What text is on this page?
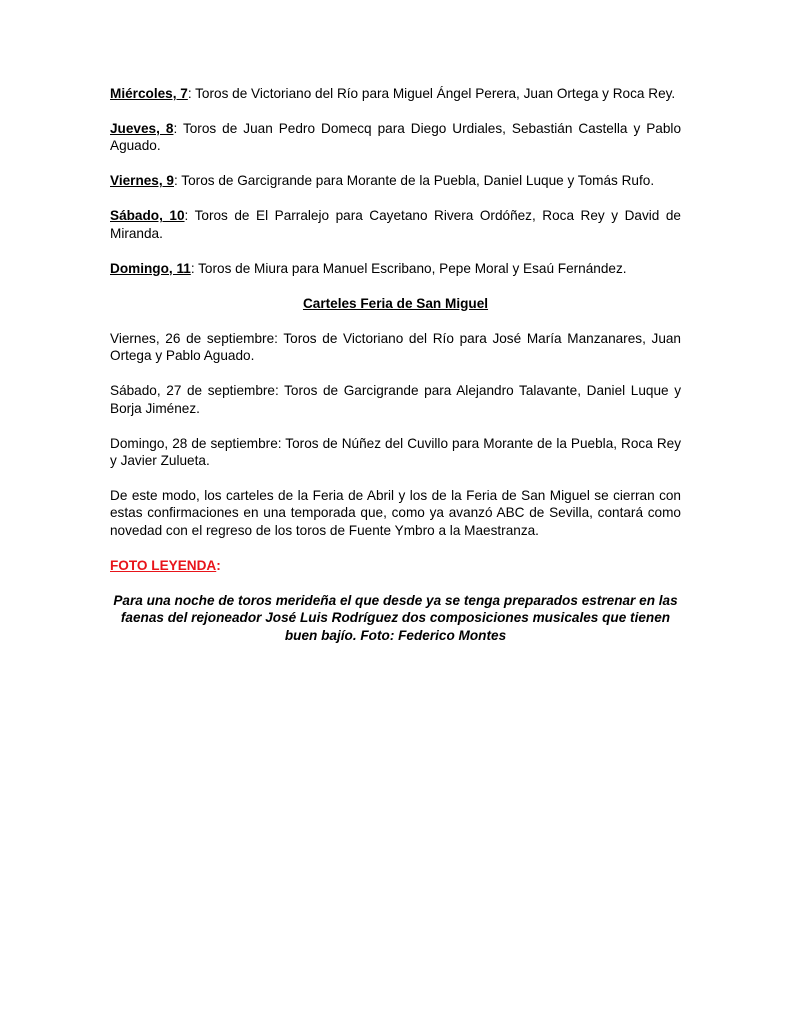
Miércoles, 7: Toros de Victoriano del Río para Miguel Ángel Perera, Juan Ortega y Roca Rey.

Jueves, 8: Toros de Juan Pedro Domecq para Diego Urdiales, Sebastián Castella y Pablo Aguado.

Viernes, 9: Toros de Garcigrande para Morante de la Puebla, Daniel Luque y Tomás Rufo.

Sábado, 10: Toros de El Parralejo para Cayetano Rivera Ordóñez, Roca Rey y David de Miranda.

Domingo, 11: Toros de Miura para Manuel Escribano, Pepe Moral y Esaú Fernández.

Carteles Feria de San Miguel

Viernes, 26 de septiembre: Toros de Victoriano del Río para José María Manzanares, Juan Ortega y Pablo Aguado.

Sábado, 27 de septiembre: Toros de Garcigrande para Alejandro Talavante, Daniel Luque y Borja Jiménez.

Domingo, 28 de septiembre: Toros de Núñez del Cuvillo para Morante de la Puebla, Roca Rey y Javier Zulueta.

De este modo, los carteles de la Feria de Abril y los de la Feria de San Miguel se cierran con estas confirmaciones en una temporada que, como ya avanzó ABC de Sevilla, contará como novedad con el regreso de los toros de Fuente Ymbro a la Maestranza.

FOTO LEYENDA:

Para una noche de toros merideña el que desde ya se tenga preparados estrenar en las faenas del rejoneador José Luis Rodríguez dos composiciones musicales que tienen buen bajío. Foto: Federico Montes
